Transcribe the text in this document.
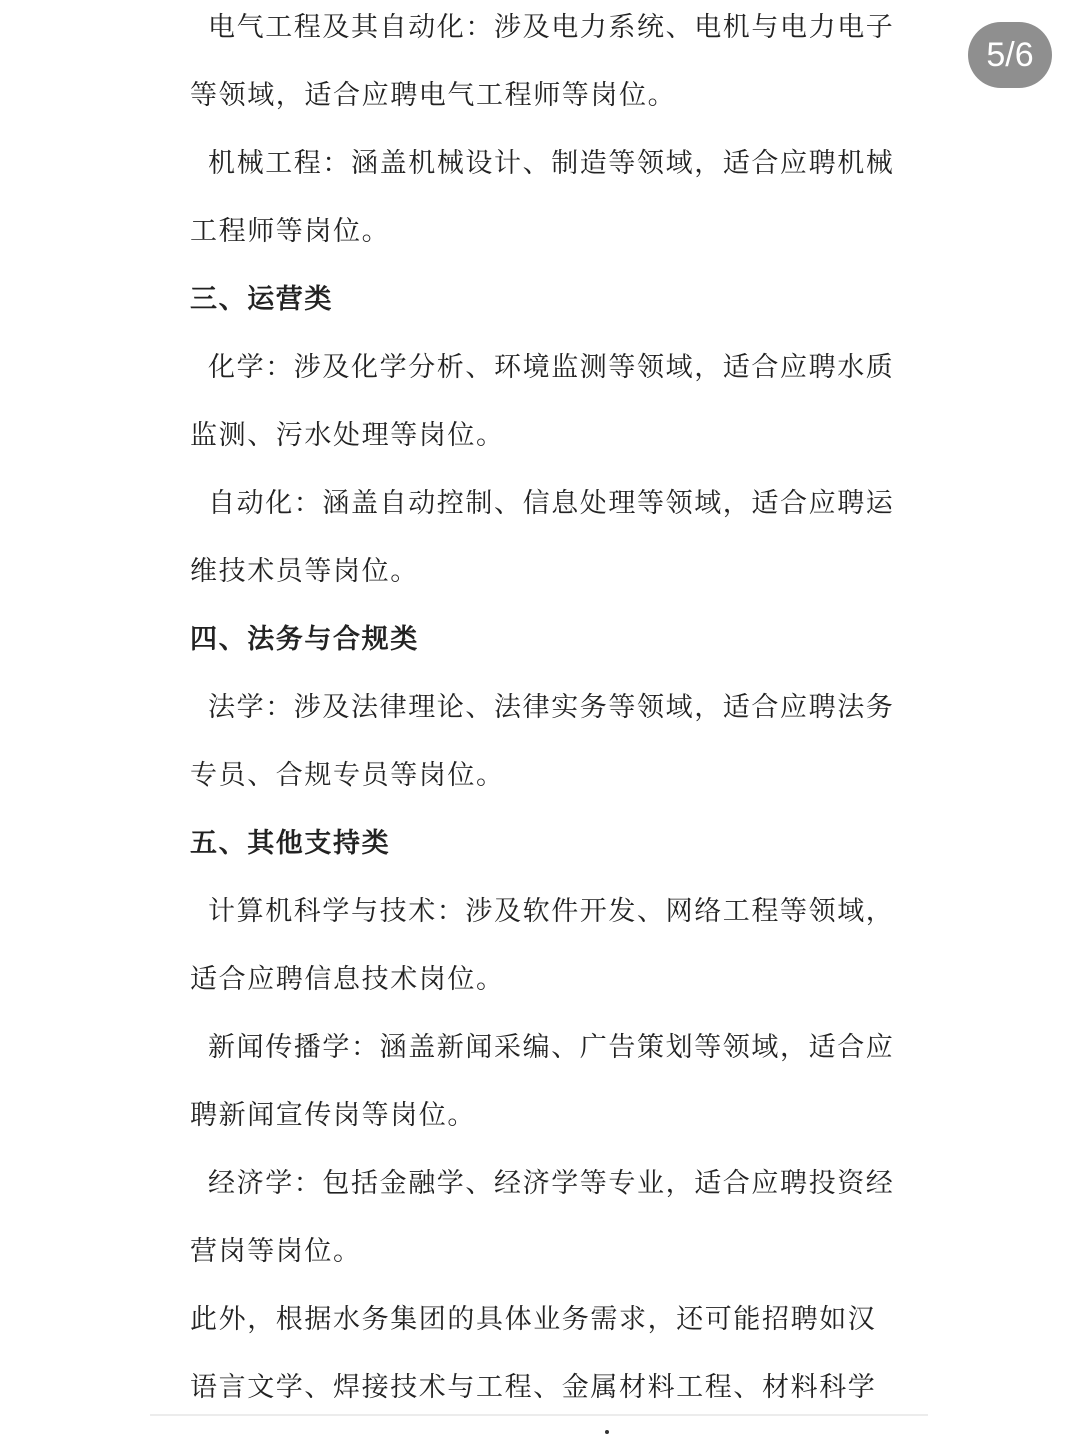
电气工程及其自动化：涉及电力系统、电机与电力电子等领域，适合应聘电气工程师等岗位。

机械工程：涵盖机械设计、制造等领域，适合应聘机械工程师等岗位。

三、运营类

化学：涉及化学分析、环境监测等领域，适合应聘水质监测、污水处理等岗位。

自动化：涵盖自动控制、信息处理等领域，适合应聘运维技术员等岗位。

四、法务与合规类

法学：涉及法律理论、法律实务等领域，适合应聘法务专员、合规专员等岗位。

五、其他支持类

计算机科学与技术：涉及软件开发、网络工程等领域，适合应聘信息技术岗位。

新闻传播学：涵盖新闻采编、广告策划等领域，适合应聘新闻宣传岗等岗位。

经济学：包括金融学、经济学等专业，适合应聘投资经营岗等岗位。

此外，根据水务集团的具体业务需求，还可能招聘如汉语言文学、焊接技术与工程、金属材料工程、材料科学

5/6
